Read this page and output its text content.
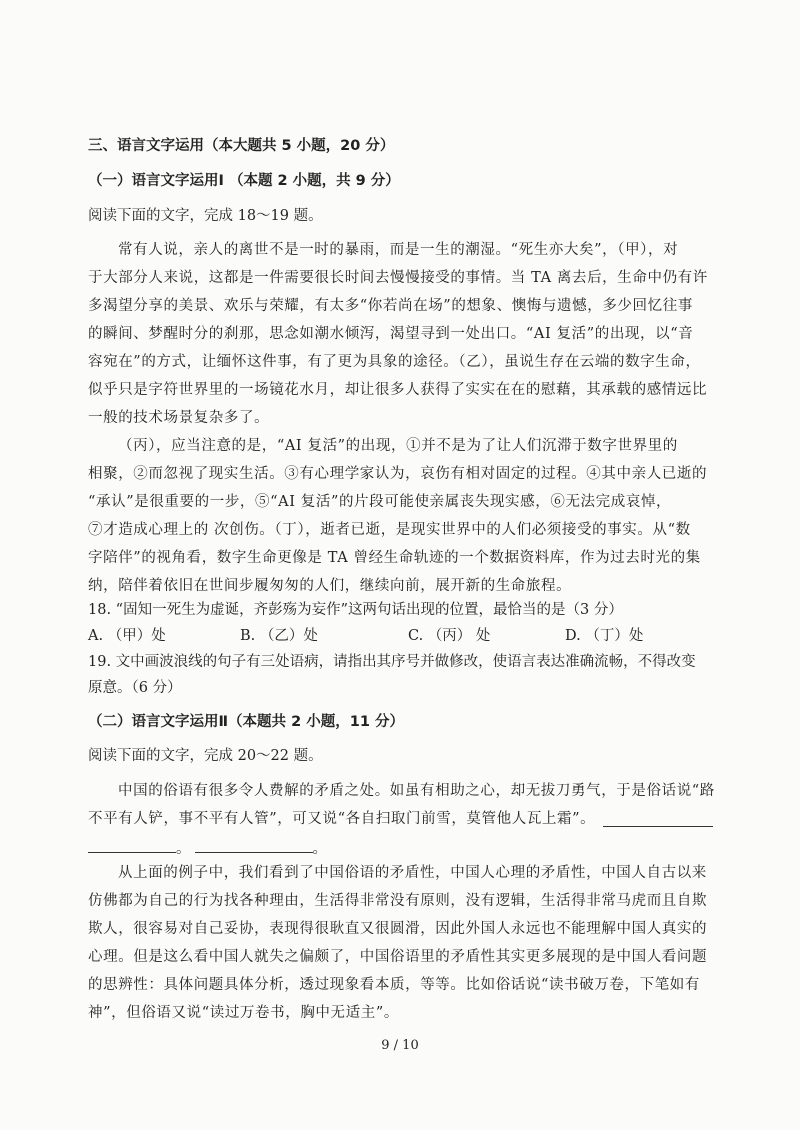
三、语言文字运用（本大题共 5 小题，20 分）
（一）语言文字运用Ⅰ （本题 2 小题，共 9 分）
阅读下面的文字，完成 18～19 题。
常有人说，亲人的离世不是一时的暴雨，而是一生的潮湿。“死生亦大矣”，（甲），对
于大部分人来说，这都是一件需要很长时间去慢慢接受的事情。当 TA 离去后，生命中仍有许
多渴望分享的美景、欢乐与荣耀，有太多“你若尚在场”的想象、懊悔与遗憾，多少回忆往事
的瞬间、梦醒时分的刹那，思念如潮水倾泻，渴望寻到一处出口。“AI 复活”的出现，以“音
容宛在”的方式，让缅怀这件事，有了更为具象的途径。（乙），虽说生存在云端的数字生命，
似乎只是字符世界里的一场镜花水月，却让很多人获得了实实在在的慰藉，其承载的感情远比
一般的技术场景复杂多了。
（丙），应当注意的是，“AI 复活”的出现，①并不是为了让人们沉滞于数字世界里的
相聚，②而忽视了现实生活。③有心理学家认为，哀伤有相对固定的过程。④其中亲人已逝的
“承认”是很重要的一步，⑤“AI 复活”的片段可能使亲属丧失现实感，⑥无法完成哀悼，
⑦才造成心理上的 次创伤。（丁），逝者已逝，是现实世界中的人们必须接受的事实。从“数
字陪伴”的视角看，数字生命更像是 TA 曾经生命轨迹的一个数据资料库，作为过去时光的集
纳，陪伴着依旧在世间步履匆匆的人们，继续向前，展开新的生命旅程。
18. “固知一死生为虚诞，齐彭殇为妄作”这两句话出现的位置，最恰当的是（3 分）
A. （甲）处	B. （乙）处	C. （丙） 处	D. （丁）处
19. 文中画波浪线的句子有三处语病，请指出其序号并做修改，使语言表达准确流畅，不得改变
原意。（6 分）
（二）语言文字运用Ⅱ（本题共 2 小题，11 分）
阅读下面的文字，完成 20～22 题。
中国的俗语有很多令人费解的矛盾之处。如虽有相助之心，却无拔刀勇气，于是俗话说“路
不平有人铲，事不平有人管”，可又说“各自扫取门前雪，莫管他人瓦上霜”。
。	。
从上面的例子中，我们看到了中国俗语的矛盾性，中国人心理的矛盾性，中国人自古以来
仿佛都为自己的行为找各种理由，生活得非常没有原则，没有逻辑，生活得非常马虎而且自欺
欺人，很容易对自己妥协，表现得很耿直又很圆滑，因此外国人永远也不能理解中国人真实的
心理。但是这么看中国人就失之偏颇了，中国俗语里的矛盾性其实更多展现的是中国人看问题
的思辨性：具体问题具体分析，透过现象看本质，等等。比如俗话说“读书破万卷，下笔如有
神”，但俗语又说“读过万卷书，胸中无适主”。
9 / 10
